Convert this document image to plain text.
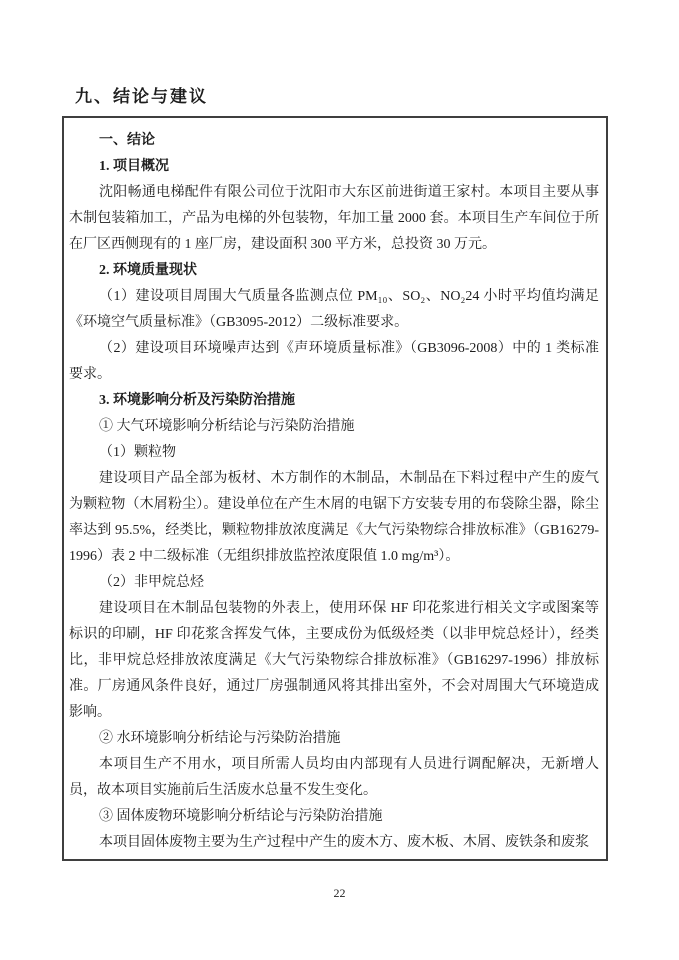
九、结论与建议
一、结论
1. 项目概况
沈阳畅通电梯配件有限公司位于沈阳市大东区前进街道王家村。本项目主要从事木制包装箱加工，产品为电梯的外包装物，年加工量 2000 套。本项目生产车间位于所在厂区西侧现有的 1 座厂房，建设面积 300 平方米，总投资 30 万元。
2. 环境质量现状
（1）建设项目周围大气质量各监测点位 PM₁₀、SO₂、NO₂24 小时平均值均满足《环境空气质量标准》（GB3095-2012）二级标准要求。
（2）建设项目环境噪声达到《声环境质量标准》（GB3096-2008）中的 1 类标准要求。
3. 环境影响分析及污染防治措施
① 大气环境影响分析结论与污染防治措施
（1）颗粒物
建设项目产品全部为板材、木方制作的木制品，木制品在下料过程中产生的废气为颗粒物（木屑粉尘）。建设单位在产生木屑的电锯下方安装专用的布袋除尘器，除尘率达到 95.5%，经类比，颗粒物排放浓度满足《大气污染物综合排放标准》（GB16279-1996）表 2 中二级标准（无组织排放监控浓度限值 1.0 mg/m³）。
（2）非甲烷总烃
建设项目在木制品包装物的外表上，使用环保 HF 印花浆进行相关文字或图案等标识的印刷，HF 印花浆含挥发气体，主要成份为低级烃类（以非甲烷总烃计），经类比，非甲烷总烃排放浓度满足《大气污染物综合排放标准》（GB16297-1996）排放标准。厂房通风条件良好，通过厂房强制通风将其排出室外，不会对周围大气环境造成影响。
② 水环境影响分析结论与污染防治措施
本项目生产不用水，项目所需人员均由内部现有人员进行调配解决，无新增人员，故本项目实施前后生活废水总量不发生变化。
③ 固体废物环境影响分析结论与污染防治措施
本项目固体废物主要为生产过程中产生的废木方、废木板、木屑、废铁条和废浆
22
